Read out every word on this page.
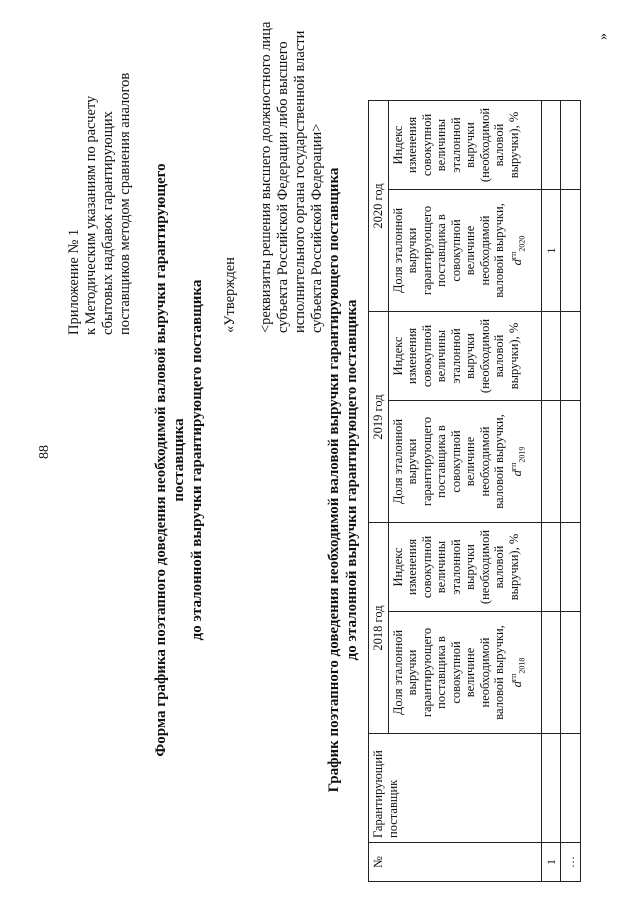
88
Приложение № 1 к Методическим указаниям по расчету сбытовых надбавок гарантирующих поставщиков методом сравнения аналогов Форма графика поэтапного доведения необходимой валовой выручки гарантирующего поставщика до эталонной выручки гарантирующего поставщика «Утвержден <реквизиты решения высшего должностного лица субъекта Российской Федерации либо высшего исполнительного органа государственной власти субъекта Российской Федерации> График поэтапного доведения необходимой валовой выручки гарантирующего поставщика до эталонной выручки гарантирующего поставщика
№	Гарантирующий поставщик	2018 год		2019 год		2020 год	
		Доля эталонной выручки гарантирующего поставщика в совокупной величине необходимой валовой выручки, $d^{гп}_{2018}$	Индекс изменения совокупной величины эталонной выручки (необходимой валовой выручки), %	Доля эталонной выручки гарантирующего поставщика в совокупной величине необходимой валовой выручки, $d^{гп}_{2019}$	Индекс изменения совокупной величины эталонной выручки (необходимой валовой выручки), %	Доля эталонной выручки гарантирующего поставщика в совокупной величине необходимой валовой выручки, $d^{гп}_{2020}$	Индекс изменения совокупной величины эталонной выручки (необходимой валовой выручки), %
1						1	
…							
»
